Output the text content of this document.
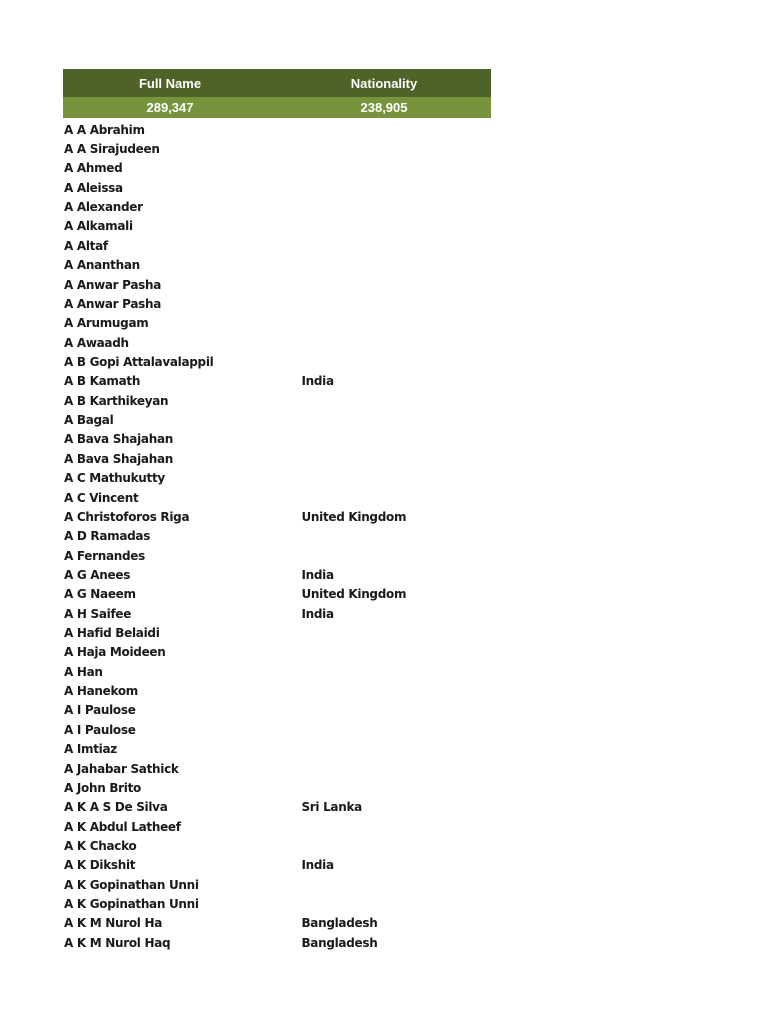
Full Name	Nationality
289,347	238,905
A A Abrahim
A A Sirajudeen
A Ahmed
A Aleissa
A Alexander
A Alkamali
A Altaf
A Ananthan
A Anwar Pasha
A Anwar Pasha
A Arumugam
A Awaadh
A B Gopi Attalavalappil
A B Kamath	India
A B Karthikeyan
A Bagal
A Bava Shajahan
A Bava Shajahan
A C Mathukutty
A C Vincent
A Christoforos Riga	United Kingdom
A D Ramadas
A Fernandes
A G Anees	India
A G Naeem	United Kingdom
A H Saifee	India
A Hafid Belaidi
A Haja Moideen
A Han
A Hanekom
A I Paulose
A I Paulose
A Imtiaz
A Jahabar Sathick
A John Brito
A K A S De Silva	Sri Lanka
A K Abdul Latheef
A K Chacko
A K Dikshit	India
A K Gopinathan Unni
A K Gopinathan Unni
A K M Nurol Ha	Bangladesh
A K M Nurol Haq	Bangladesh
